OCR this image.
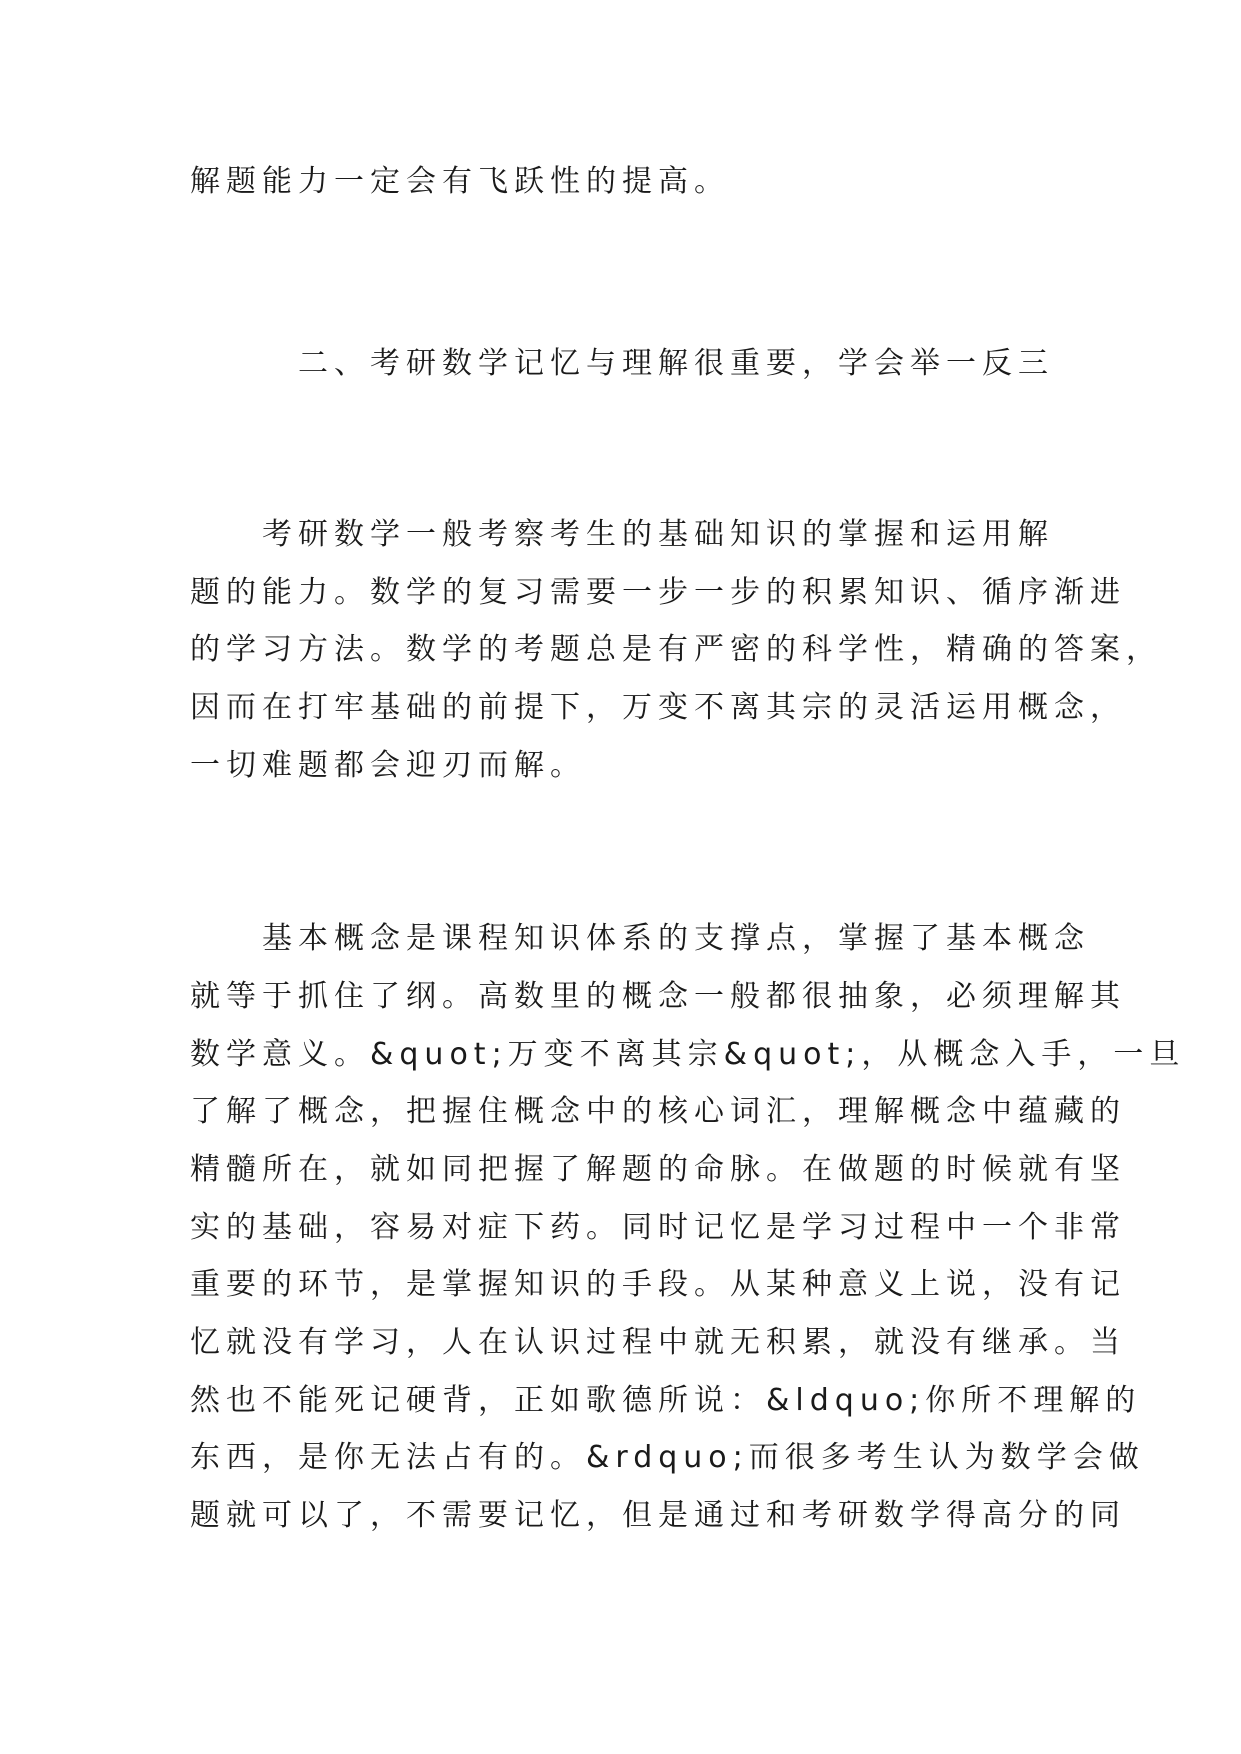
解题能力一定会有飞跃性的提高。
二、考研数学记忆与理解很重要，学会举一反三
　　考研数学一般考察考生的基础知识的掌握和运用解
题的能力。数学的复习需要一步一步的积累知识、循序渐进
的学习方法。数学的考题总是有严密的科学性，精确的答案，
因而在打牢基础的前提下，万变不离其宗的灵活运用概念，
一切难题都会迎刃而解。
　　基本概念是课程知识体系的支撑点，掌握了基本概念
就等于抓住了纲。高数里的概念一般都很抽象，必须理解其
数学意义。&quot;万变不离其宗&quot;，从概念入手，一旦
了解了概念，把握住概念中的核心词汇，理解概念中蕴藏的
精髓所在，就如同把握了解题的命脉。在做题的时候就有坚
实的基础，容易对症下药。同时记忆是学习过程中一个非常
重要的环节，是掌握知识的手段。从某种意义上说，没有记
忆就没有学习，人在认识过程中就无积累，就没有继承。当
然也不能死记硬背，正如歌德所说：&ldquo;你所不理解的
东西，是你无法占有的。&rdquo;而很多考生认为数学会做
题就可以了，不需要记忆，但是通过和考研数学得高分的同
